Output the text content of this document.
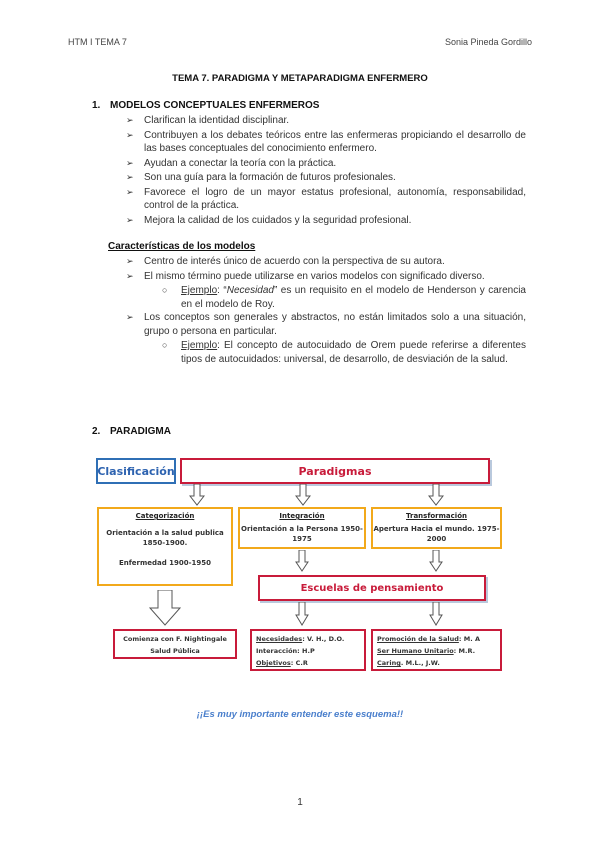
HTM I TEMA 7	Sonia Pineda Gordillo
TEMA 7. PARADIGMA Y METAPARADIGMA ENFERMERO
1. MODELOS CONCEPTUALES ENFERMEROS
➢ Clarifican la identidad disciplinar.
➢ Contribuyen a los debates teóricos entre las enfermeras propiciando el desarrollo de las bases conceptuales del conocimiento enfermero.
➢ Ayudan a conectar la teoría con la práctica.
➢ Son una guía para la formación de futuros profesionales.
➢ Favorece el logro de un mayor estatus profesional, autonomía, responsabilidad, control de la práctica.
➢ Mejora la calidad de los cuidados y la seguridad profesional.
Características de los modelos
➢ Centro de interés único de acuerdo con la perspectiva de su autora.
➢ El mismo término puede utilizarse en varios modelos con significado diverso.
○ Ejemplo: “Necesidad” es un requisito en el modelo de Henderson y carencia en el modelo de Roy.
➢ Los conceptos son generales y abstractos, no están limitados solo a una situación, grupo o persona en particular.
○ Ejemplo: El concepto de autocuidado de Orem puede referirse a diferentes tipos de autocuidados: universal, de desarrollo, de desviación de la salud.
2. PARADIGMA
Clasificación	Paradigmas
Categorización
Orientación a la salud publica 1850-1900.
Enfermedad 1900-1950
Integración
Orientación a la Persona 1950-1975
Transformación
Apertura Hacia el mundo. 1975-2000
Escuelas de pensamiento
Comienza con F. Nightingale
Salud Pública
Necesidades: V. H., D.O.
Interacción: H.P
Objetivos: C.R
Promoción de la Salud: M. A
Ser Humano Unitario: M.R.
Caring. M.L., J.W.
¡¡Es muy importante entender este esquema!!
1
